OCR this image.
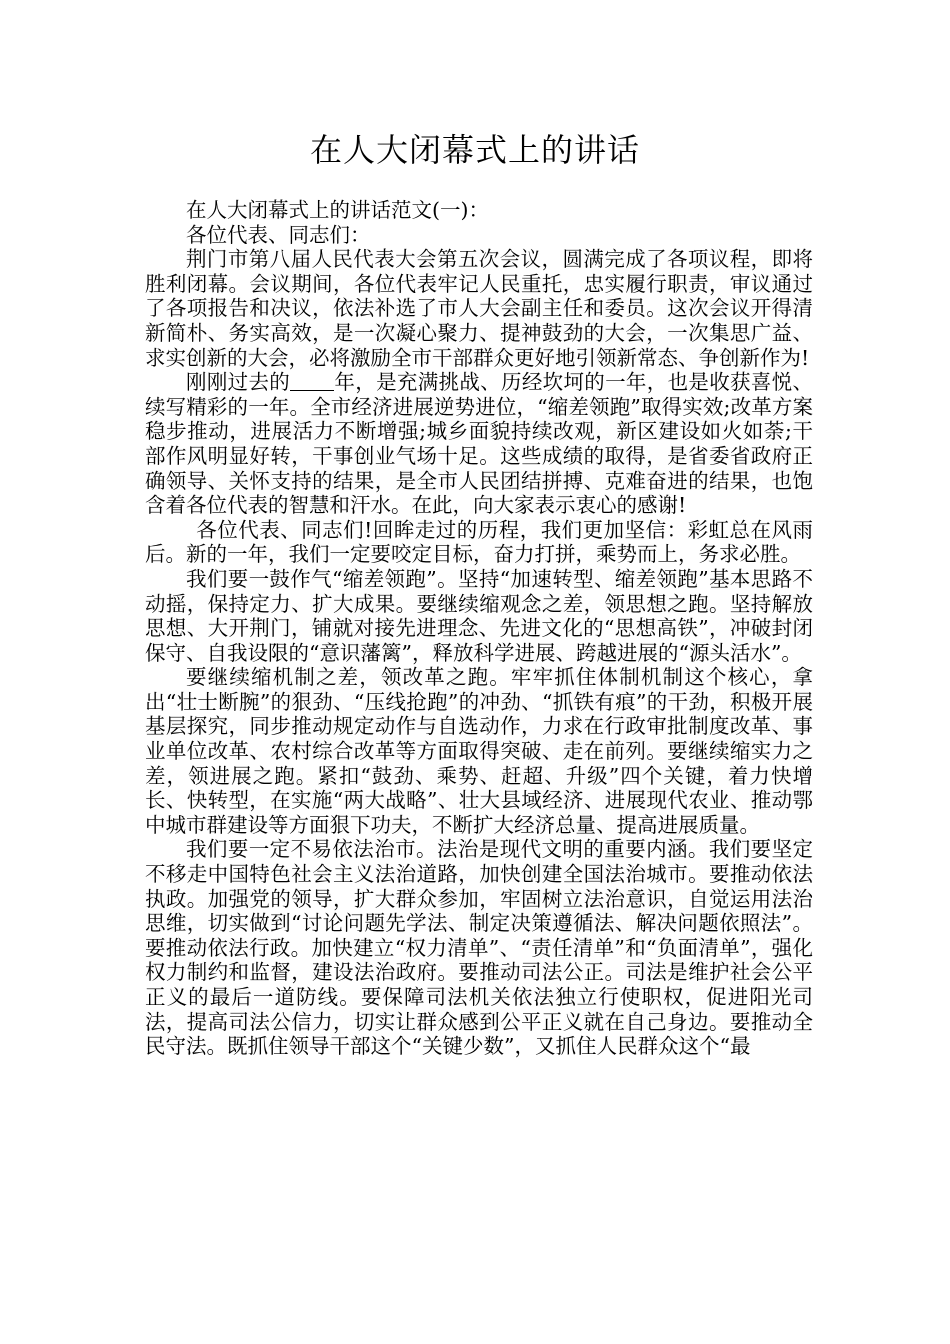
在人大闭幕式上的讲话

在人大闭幕式上的讲话范文(一)：

各位代表、同志们：

荆门市第八届人民代表大会第五次会议，圆满完成了各项议程，即将胜利闭幕。会议期间，各位代表牢记人民重托，忠实履行职责，审议通过了各项报告和决议，依法补选了市人大会副主任和委员。这次会议开得清新简朴、务实高效，是一次凝心聚力、提神鼓劲的大会，一次集思广益、求实创新的大会，必将激励全市干部群众更好地引领新常态、争创新作为!

刚刚过去的 年，是充满挑战、历经坎坷的一年，也是收获喜悦、续写精彩的一年。全市经济进展逆势进位，“缩差领跑”取得实效;改革方案稳步推动，进展活力不断增强;城乡面貌持续改观，新区建设如火如荼;干部作风明显好转，干事创业气场十足。这些成绩的取得，是省委省政府正确领导、关怀支持的结果，是全市人民团结拼搏、克难奋进的结果，也饱含着各位代表的智慧和汗水。在此，向大家表示衷心的感谢!

各位代表、同志们!回眸走过的历程，我们更加坚信：彩虹总在风雨后。新的一年，我们一定要咬定目标，奋力打拼，乘势而上，务求必胜。

我们要一鼓作气“缩差领跑”。坚持“加速转型、缩差领跑”基本思路不动摇，保持定力、扩大成果。要继续缩观念之差，领思想之跑。坚持解放思想、大开荆门，铺就对接先进理念、先进文化的“思想高铁”，冲破封闭保守、自我设限的“意识藩篱”，释放科学进展、跨越进展的“源头活水”。

要继续缩机制之差，领改革之跑。牢牢抓住体制机制这个核心，拿出“壮士断腕”的狠劲、“压线抢跑”的冲劲、“抓铁有痕”的干劲，积极开展基层探究，同步推动规定动作与自选动作，力求在行政审批制度改革、事业单位改革、农村综合改革等方面取得突破、走在前列。要继续缩实力之差，领进展之跑。紧扣“鼓劲、乘势、赶超、升级”四个关键，着力快增长、快转型，在实施“两大战略”、壮大县域经济、进展现代农业、推动鄂中城市群建设等方面狠下功夫，不断扩大经济总量、提高进展质量。

我们要一定不易依法治市。法治是现代文明的重要内涵。我们要坚定不移走中国特色社会主义法治道路，加快创建全国法治城市。要推动依法执政。加强党的领导，扩大群众参加，牢固树立法治意识，自觉运用法治思维，切实做到“讨论问题先学法、制定决策遵循法、解决问题依照法”。要推动依法行政。加快建立“权力清单”、“责任清单”和“负面清单”，强化权力制约和监督，建设法治政府。要推动司法公正。司法是维护社会公平正义的最后一道防线。要保障司法机关依法独立行使职权，促进阳光司法，提高司法公信力，切实让群众感到公平正义就在自己身边。要推动全民守法。既抓住领导干部这个“关键少数”，又抓住人民群众这个“最
